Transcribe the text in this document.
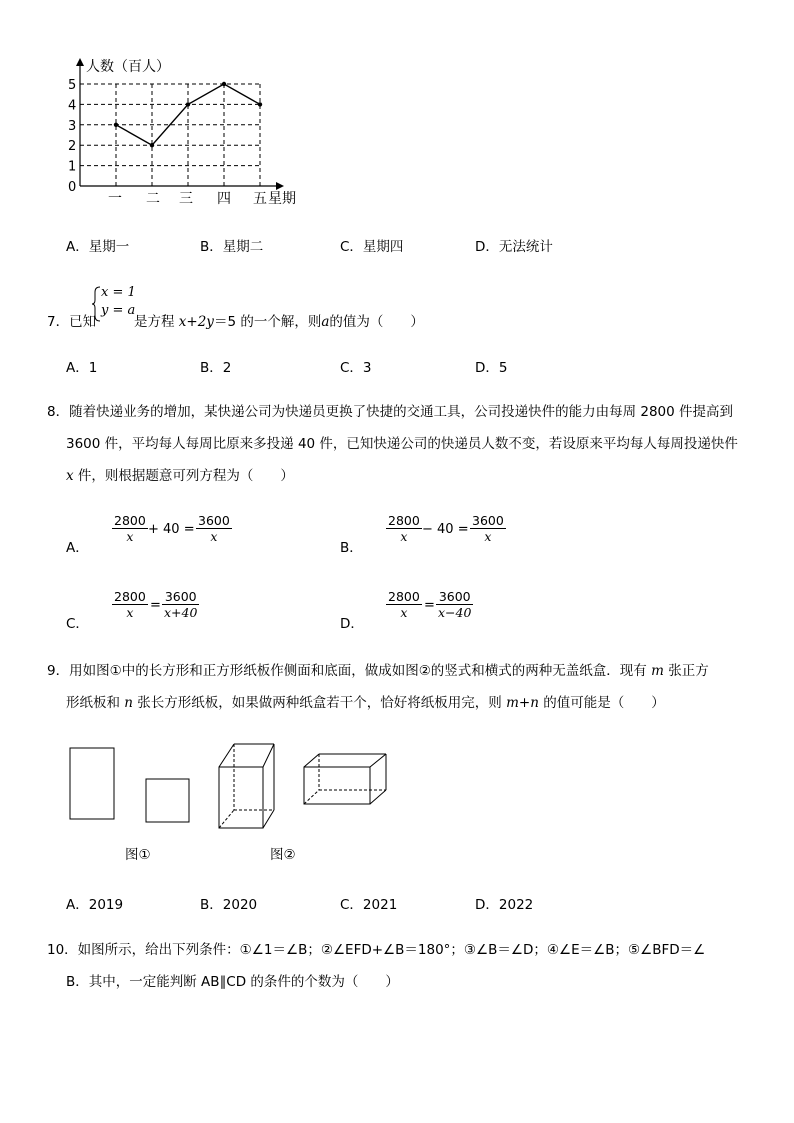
0
1
2
3
4
5
一 二 三 四 五
人数（百人）
星期
A．星期一	B．星期二	C．星期四	D．无法统计
7．已知
x = 1
y = a
是方程 x+2y＝5 的一个解，则a的值为（　　）
A．1	B．2	C．3	D．5
8．随着快递业务的增加，某快递公司为快递员更换了快捷的交通工具，公司投递快件的能力由每周 2800 件提高到
3600 件，平均每人每周比原来多投递 40 件，已知快递公司的快递员人数不变，若设原来平均每人每周投递快件
x 件，则根据题意可列方程为（　　）
A．
$\frac{2800}{x} + 40 = \frac{3600}{x}$
B．
$\frac{2800}{x} - 40 = \frac{3600}{x}$
C．
$\frac{2800}{x} = \frac{3600}{x+40}$
D．
$\frac{2800}{x} = \frac{3600}{x-40}$
9．用如图①中的长方形和正方形纸板作侧面和底面，做成如图②的竖式和横式的两种无盖纸盒．现有 m 张正方
形纸板和 n 张长方形纸板，如果做两种纸盒若干个，恰好将纸板用完，则 m+n 的值可能是（　　）
图①	图②
A．2019	B．2020	C．2021	D．2022
10．如图所示，给出下列条件：①∠1＝∠B；②∠EFD+∠B＝180°；③∠B＝∠D；④∠E＝∠B；⑤∠BFD＝∠
B．其中，一定能判断 AB∥CD 的条件的个数为（　　）
